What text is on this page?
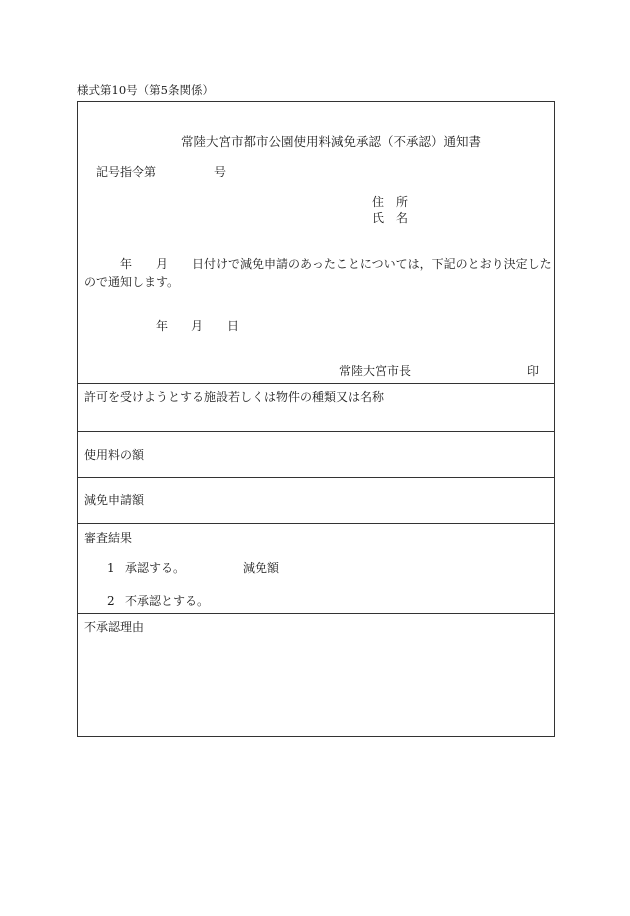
様式第10号（第5条関係）
常陸大宮市都市公園使用料減免承認（不承認）通知書
記号指令第	号
住　所
氏　名
年 月 日付けで減免申請のあったことについては，下記のとおり決定した
ので通知します。
年 月 日
常陸大宮市長	印
許可を受けようとする施設若しくは物件の種類又は名称
使用料の額
減免申請額
審査結果
1 承認する。	減免額
2 不承認とする。
不承認理由
